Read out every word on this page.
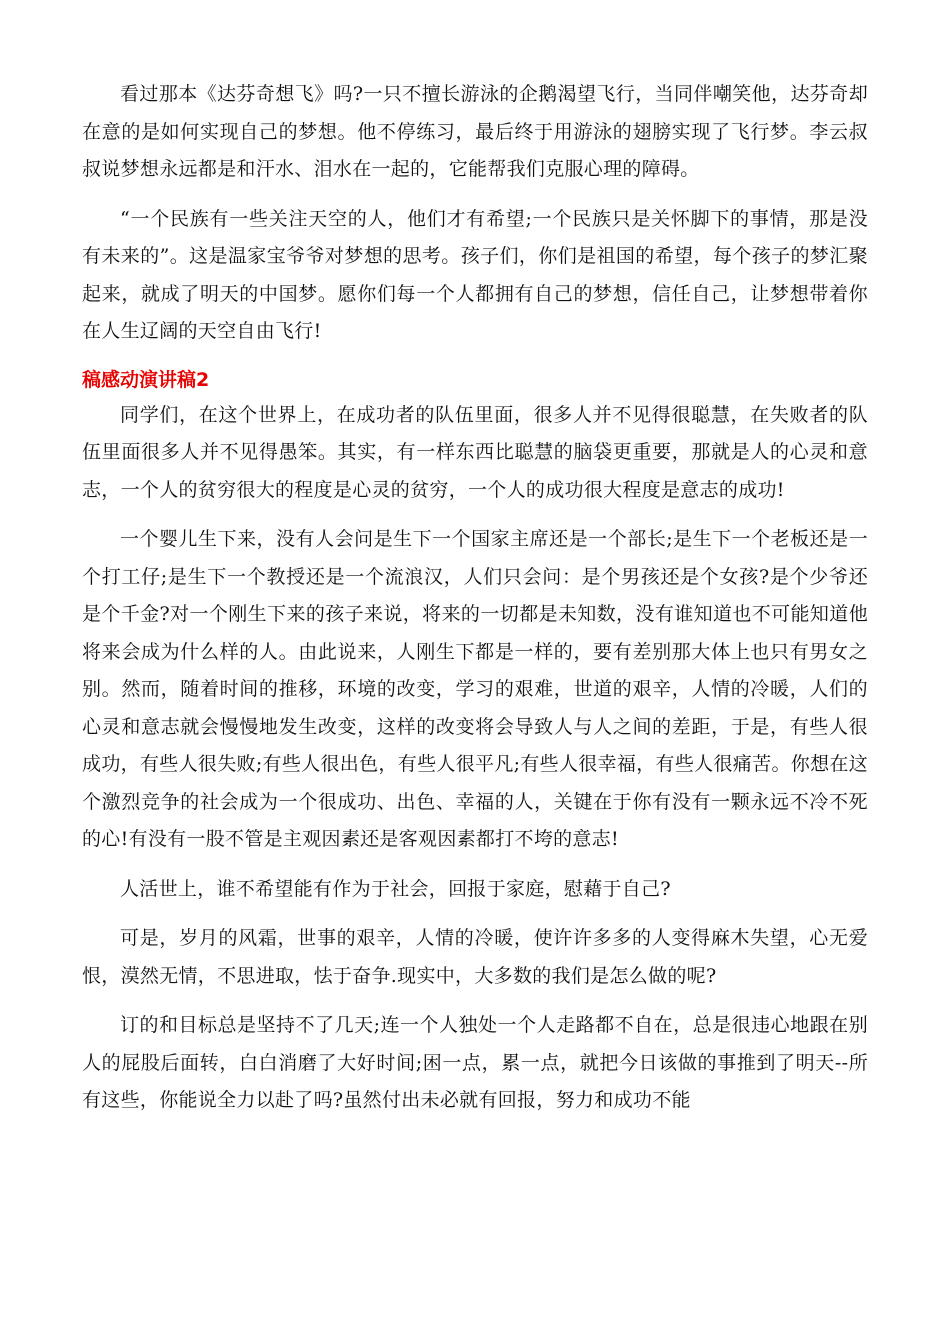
看过那本《达芬奇想飞》吗?一只不擅长游泳的企鹅渴望飞行，当同伴嘲笑他，达芬奇却在意的是如何实现自己的梦想。他不停练习，最后终于用游泳的翅膀实现了飞行梦。李云叔叔说梦想永远都是和汗水、泪水在一起的，它能帮我们克服心理的障碍。

“一个民族有一些关注天空的人，他们才有希望;一个民族只是关怀脚下的事情，那是没有未来的”。这是温家宝爷爷对梦想的思考。孩子们，你们是祖国的希望，每个孩子的梦汇聚起来，就成了明天的中国梦。愿你们每一个人都拥有自己的梦想，信任自己，让梦想带着你在人生辽阔的天空自由飞行!

稿感动演讲稿2

同学们，在这个世界上，在成功者的队伍里面，很多人并不见得很聪慧，在失败者的队伍里面很多人并不见得愚笨。其实，有一样东西比聪慧的脑袋更重要，那就是人的心灵和意志，一个人的贫穷很大的程度是心灵的贫穷，一个人的成功很大程度是意志的成功!

一个婴儿生下来，没有人会问是生下一个国家主席还是一个部长;是生下一个老板还是一个打工仔;是生下一个教授还是一个流浪汉，人们只会问：是个男孩还是个女孩?是个少爷还是个千金?对一个刚生下来的孩子来说，将来的一切都是未知数，没有谁知道也不可能知道他将来会成为什么样的人。由此说来，人刚生下都是一样的，要有差别那大体上也只有男女之别。然而，随着时间的推移，环境的改变，学习的艰难，世道的艰辛，人情的冷暖，人们的心灵和意志就会慢慢地发生改变，这样的改变将会导致人与人之间的差距，于是，有些人很成功，有些人很失败;有些人很出色，有些人很平凡;有些人很幸福，有些人很痛苦。你想在这个激烈竞争的社会成为一个很成功、出色、幸福的人，关键在于你有没有一颗永远不冷不死的心!有没有一股不管是主观因素还是客观因素都打不垮的意志!

人活世上，谁不希望能有作为于社会，回报于家庭，慰藉于自己?

可是，岁月的风霜，世事的艰辛，人情的冷暖，使许许多多的人变得麻木失望，心无爱恨，漠然无情，不思进取，怯于奋争.现实中，大多数的我们是怎么做的呢?

订的和目标总是坚持不了几天;连一个人独处一个人走路都不自在，总是很违心地跟在别人的屁股后面转，白白消磨了大好时间;困一点，累一点，就把今日该做的事推到了明天--所有这些，你能说全力以赴了吗?虽然付出未必就有回报，努力和成功不能
